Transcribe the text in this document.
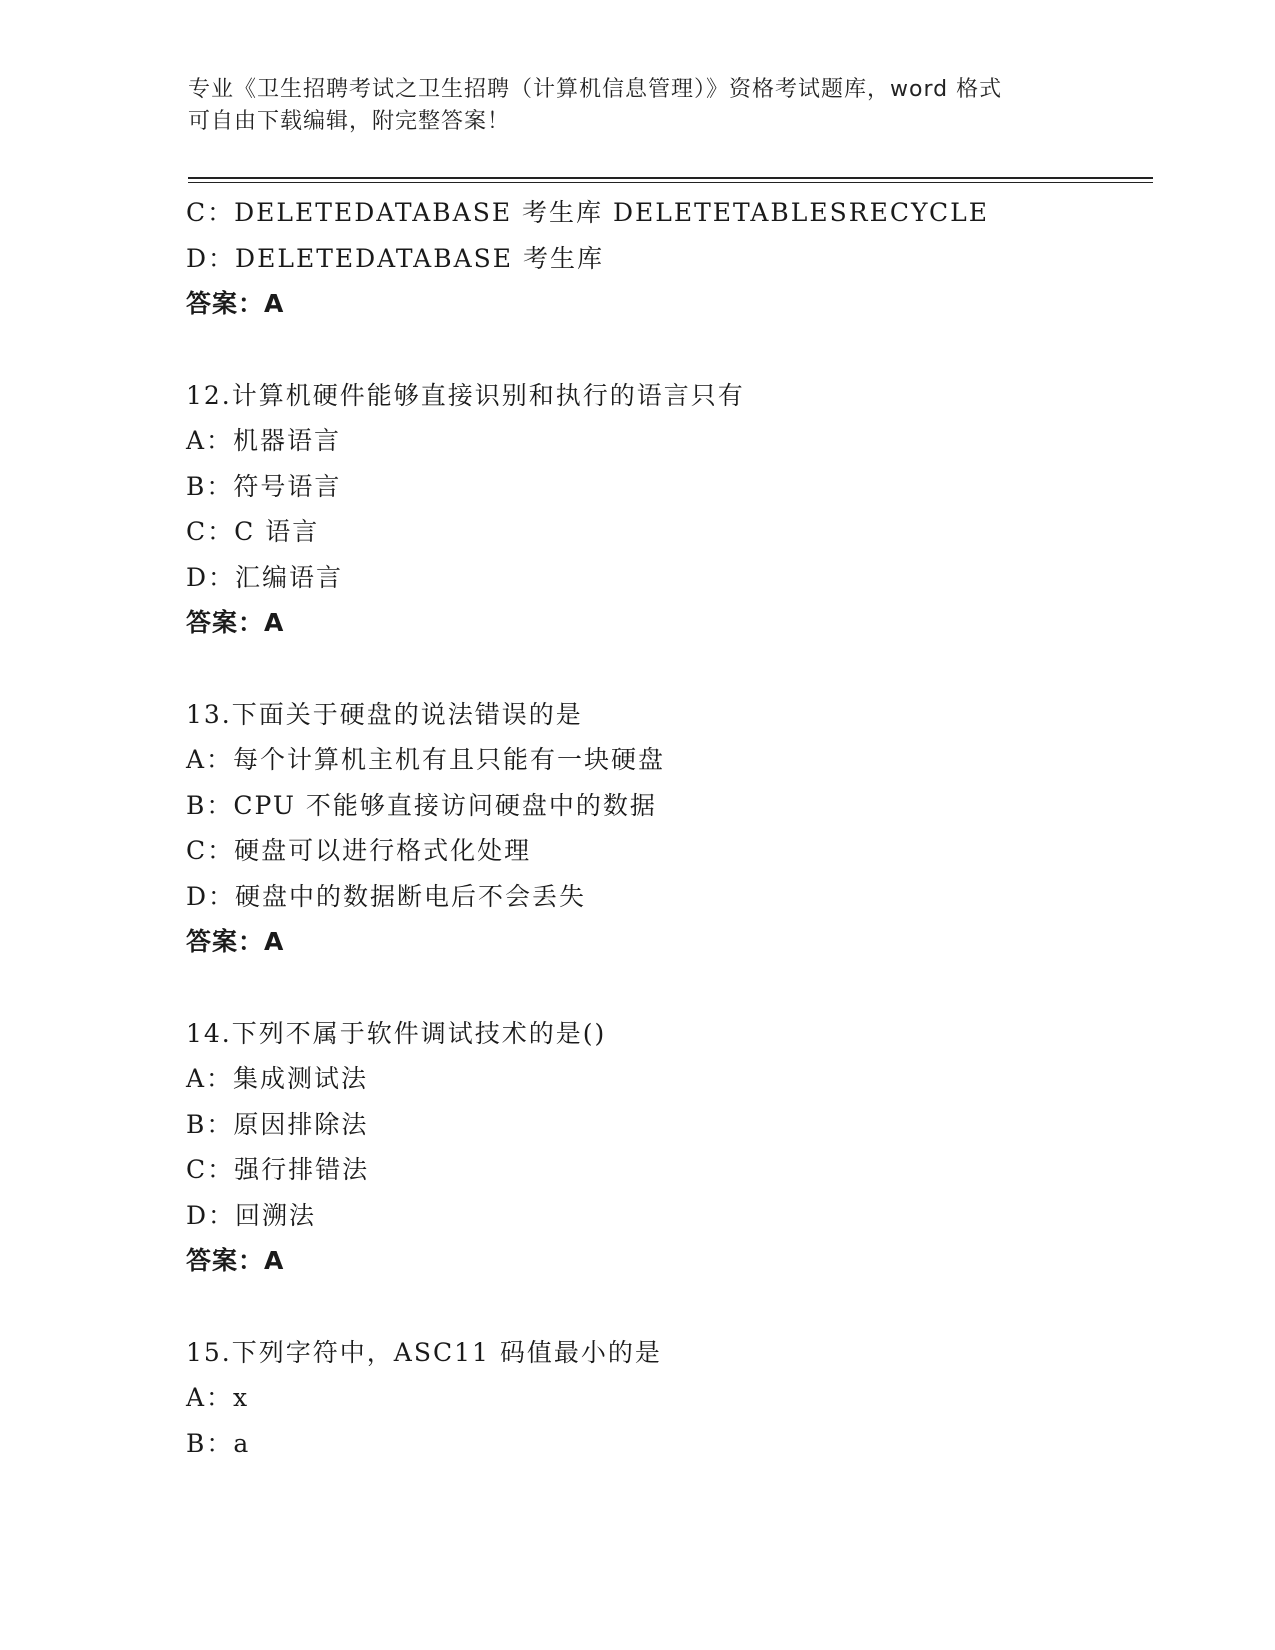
专业《卫生招聘考试之卫生招聘（计算机信息管理）》资格考试题库，word 格式
可自由下载编辑，附完整答案！
C：DELETEDATABASE 考生库 DELETETABLESRECYCLE
D：DELETEDATABASE 考生库
答案：A
12.计算机硬件能够直接识别和执行的语言只有
A：机器语言
B：符号语言
C：C 语言
D：汇编语言
答案：A
13.下面关于硬盘的说法错误的是
A：每个计算机主机有且只能有一块硬盘
B：CPU 不能够直接访问硬盘中的数据
C：硬盘可以进行格式化处理
D：硬盘中的数据断电后不会丢失
答案：A
14.下列不属于软件调试技术的是()
A：集成测试法
B：原因排除法
C：强行排错法
D：回溯法
答案：A
15.下列字符中，ASC11 码值最小的是
A：x
B：a
